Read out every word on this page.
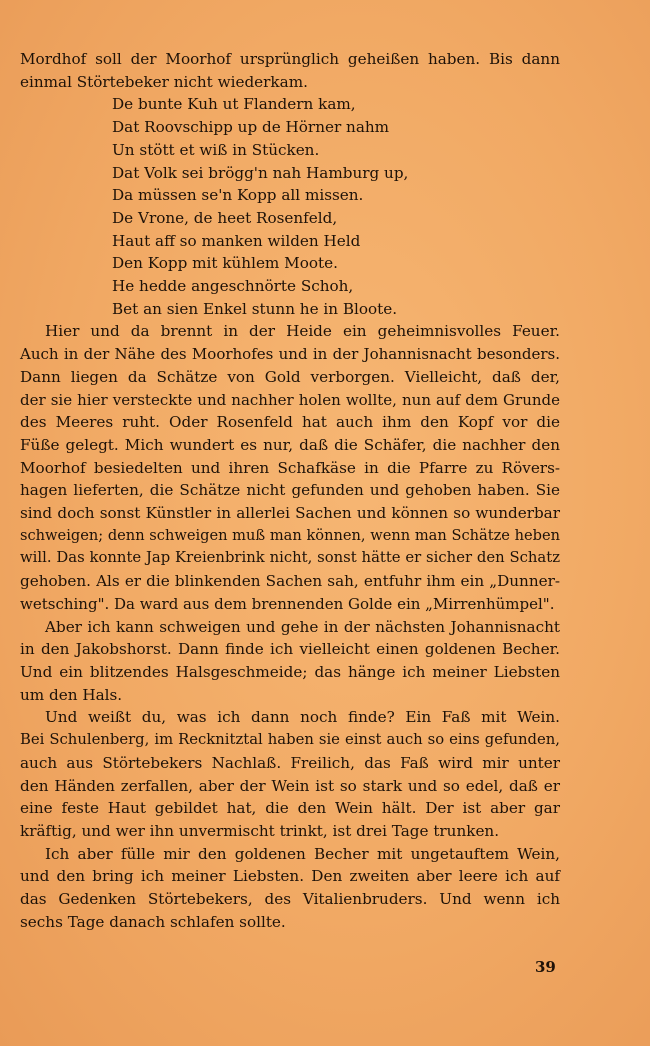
Mordhof soll der Moorhof ursprünglich geheißen haben. Bis dann
einmal Störtebeker nicht wiederkam.
De bunte Kuh ut Flandern kam,
Dat Roovschipp up de Hörner nahm
Un stött et wiß in Stücken.
Dat Volk sei brögg'n nah Hamburg up,
Da müssen se'n Kopp all missen.
De Vrone, de heet Rosenfeld,
Haut aff so manken wilden Held
Den Kopp mit kühlem Moote.
He hedde angeschnörte Schoh,
Bet an sien Enkel stunn he in Bloote.
Hier und da brennt in der Heide ein geheimnisvolles Feuer.
Auch in der Nähe des Moorhofes und in der Johannisnacht besonders.
Dann liegen da Schätze von Gold verborgen. Vielleicht, daß der,
der sie hier versteckte und nachher holen wollte, nun auf dem Grunde
des Meeres ruht. Oder Rosenfeld hat auch ihm den Kopf vor die
Füße gelegt. Mich wundert es nur, daß die Schäfer, die nachher den
Moorhof besiedelten und ihren Schafkäse in die Pfarre zu Rövers-
hagen lieferten, die Schätze nicht gefunden und gehoben haben. Sie
sind doch sonst Künstler in allerlei Sachen und können so wunderbar
schweigen; denn schweigen muß man können, wenn man Schätze heben
will. Das konnte Jap Kreienbrink nicht, sonst hätte er sicher den Schatz
gehoben. Als er die blinkenden Sachen sah, entfuhr ihm ein „Dunner-
wetsching". Da ward aus dem brennenden Golde ein „Mirrenhümpel".
Aber ich kann schweigen und gehe in der nächsten Johannisnacht
in den Jakobshorst. Dann finde ich vielleicht einen goldenen Becher.
Und ein blitzendes Halsgeschmeide; das hänge ich meiner Liebsten
um den Hals.
Und weißt du, was ich dann noch finde? Ein Faß mit Wein.
Bei Schulenberg, im Recknitztal haben sie einst auch so eins gefunden,
auch aus Störtebekers Nachlaß. Freilich, das Faß wird mir unter
den Händen zerfallen, aber der Wein ist so stark und so edel, daß er
eine feste Haut gebildet hat, die den Wein hält. Der ist aber gar
kräftig, und wer ihn unvermischt trinkt, ist drei Tage trunken.
Ich aber fülle mir den goldenen Becher mit ungetauftem Wein,
und den bring ich meiner Liebsten. Den zweiten aber leere ich auf
das Gedenken Störtebekers, des Vitalienbruders. Und wenn ich
sechs Tage danach schlafen sollte.
39
